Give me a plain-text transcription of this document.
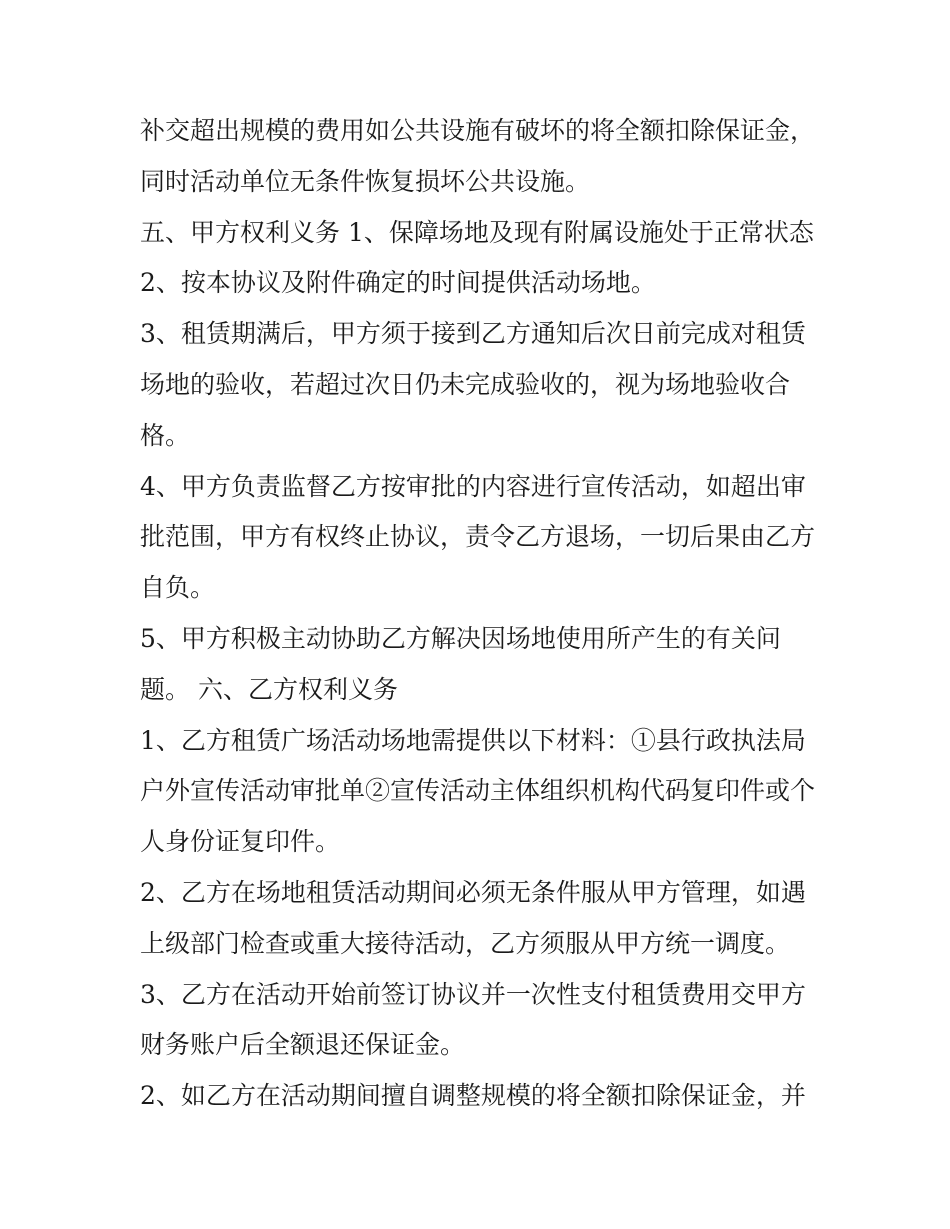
补交超出规模的费用如公共设施有破坏的将全额扣除保证金，

同时活动单位无条件恢复损坏公共设施。

五、甲方权利义务 1、保障场地及现有附属设施处于正常状态

2、按本协议及附件确定的时间提供活动场地。

3、租赁期满后，甲方须于接到乙方通知后次日前完成对租赁

场地的验收，若超过次日仍未完成验收的，视为场地验收合

格。

4、甲方负责监督乙方按审批的内容进行宣传活动，如超出审

批范围，甲方有权终止协议，责令乙方退场，一切后果由乙方

自负。

5、甲方积极主动协助乙方解决因场地使用所产生的有关问

题。 六、乙方权利义务

1、乙方租赁广场活动场地需提供以下材料：①县行政执法局

户外宣传活动审批单②宣传活动主体组织机构代码复印件或个

人身份证复印件。

2、乙方在场地租赁活动期间必须无条件服从甲方管理，如遇

上级部门检查或重大接待活动，乙方须服从甲方统一调度。

3、乙方在活动开始前签订协议并一次性支付租赁费用交甲方

财务账户后全额退还保证金。

2、如乙方在活动期间擅自调整规模的将全额扣除保证金，并
